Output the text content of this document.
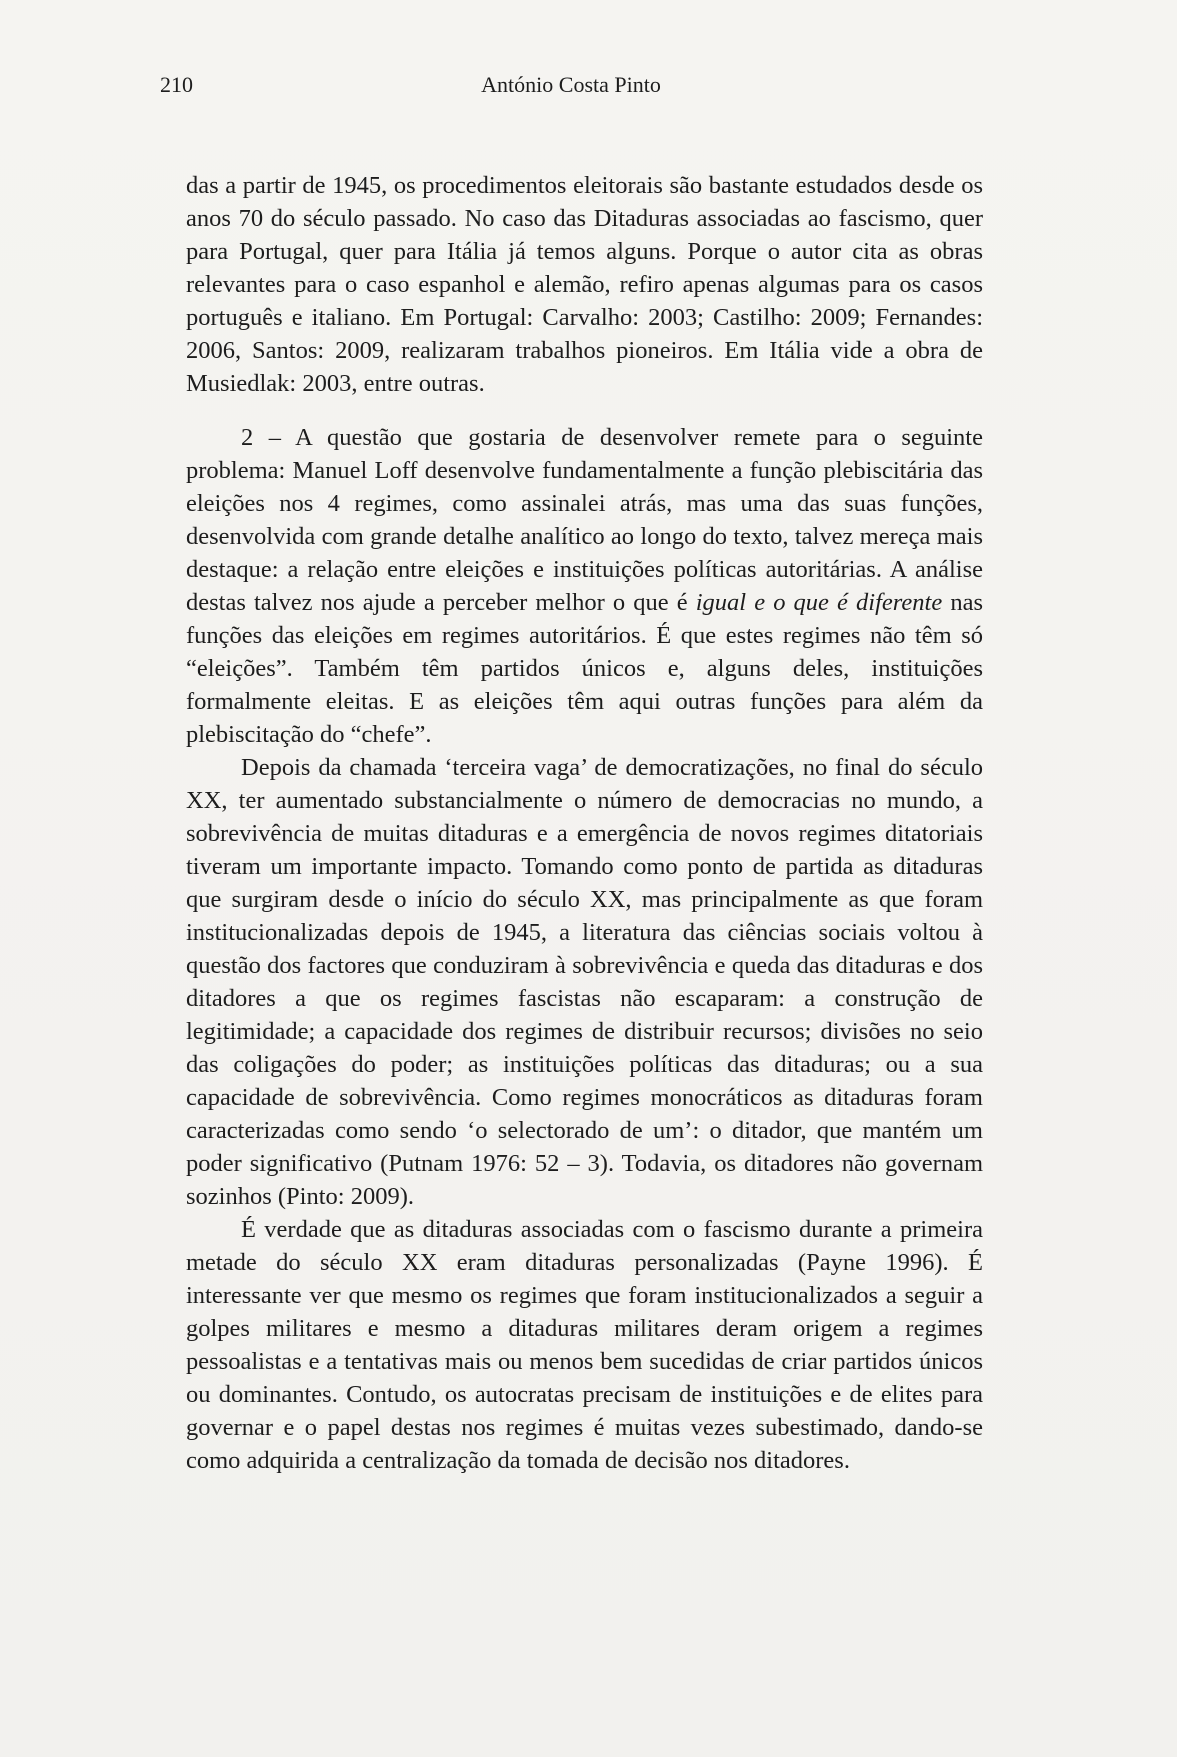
210	António Costa Pinto

das a partir de 1945, os procedimentos eleitorais são bastante estudados desde os anos 70 do século passado. No caso das Ditaduras associadas ao fascismo, quer para Portugal, quer para Itália já temos alguns. Porque o autor cita as obras relevantes para o caso espanhol e alemão, refiro apenas algumas para os casos português e italiano. Em Portugal: Carvalho: 2003; Castilho: 2009; Fernandes: 2006, Santos: 2009, realizaram trabalhos pioneiros. Em Itália vide a obra de Musiedlak: 2003, entre outras.

2 – A questão que gostaria de desenvolver remete para o seguinte problema: Manuel Loff desenvolve fundamentalmente a função plebiscitária das eleições nos 4 regimes, como assinalei atrás, mas uma das suas funções, desenvolvida com grande detalhe analítico ao longo do texto, talvez mereça mais destaque: a relação entre eleições e instituições políticas autoritárias. A análise destas talvez nos ajude a perceber melhor o que é igual e o que é diferente nas funções das eleições em regimes autoritários. É que estes regimes não têm só “eleições”. Também têm partidos únicos e, alguns deles, instituições formalmente eleitas. E as eleições têm aqui outras funções para além da plebiscitação do “chefe”.

Depois da chamada ‘terceira vaga’ de democratizações, no final do século XX, ter aumentado substancialmente o número de democracias no mundo, a sobrevivência de muitas ditaduras e a emergência de novos regimes ditatoriais tiveram um importante impacto. Tomando como ponto de partida as ditaduras que surgiram desde o início do século XX, mas principalmente as que foram institucionalizadas depois de 1945, a literatura das ciências sociais voltou à questão dos factores que conduziram à sobrevivência e queda das ditaduras e dos ditadores a que os regimes fascistas não escaparam: a construção de legitimidade; a capacidade dos regimes de distribuir recursos; divisões no seio das coligações do poder; as instituições políticas das ditaduras; ou a sua capacidade de sobrevivência. Como regimes monocráticos as ditaduras foram caracterizadas como sendo ‘o selectorado de um’: o ditador, que mantém um poder significativo (Putnam 1976: 52 – 3). Todavia, os ditadores não governam sozinhos (Pinto: 2009).

É verdade que as ditaduras associadas com o fascismo durante a primeira metade do século XX eram ditaduras personalizadas (Payne 1996). É interessante ver que mesmo os regimes que foram institucionalizados a seguir a golpes militares e mesmo a ditaduras militares deram origem a regimes pessoalistas e a tentativas mais ou menos bem sucedidas de criar partidos únicos ou dominantes. Contudo, os autocratas precisam de instituições e de elites para governar e o papel destas nos regimes é muitas vezes subestimado, dando-se como adquirida a centralização da tomada de decisão nos ditadores.
